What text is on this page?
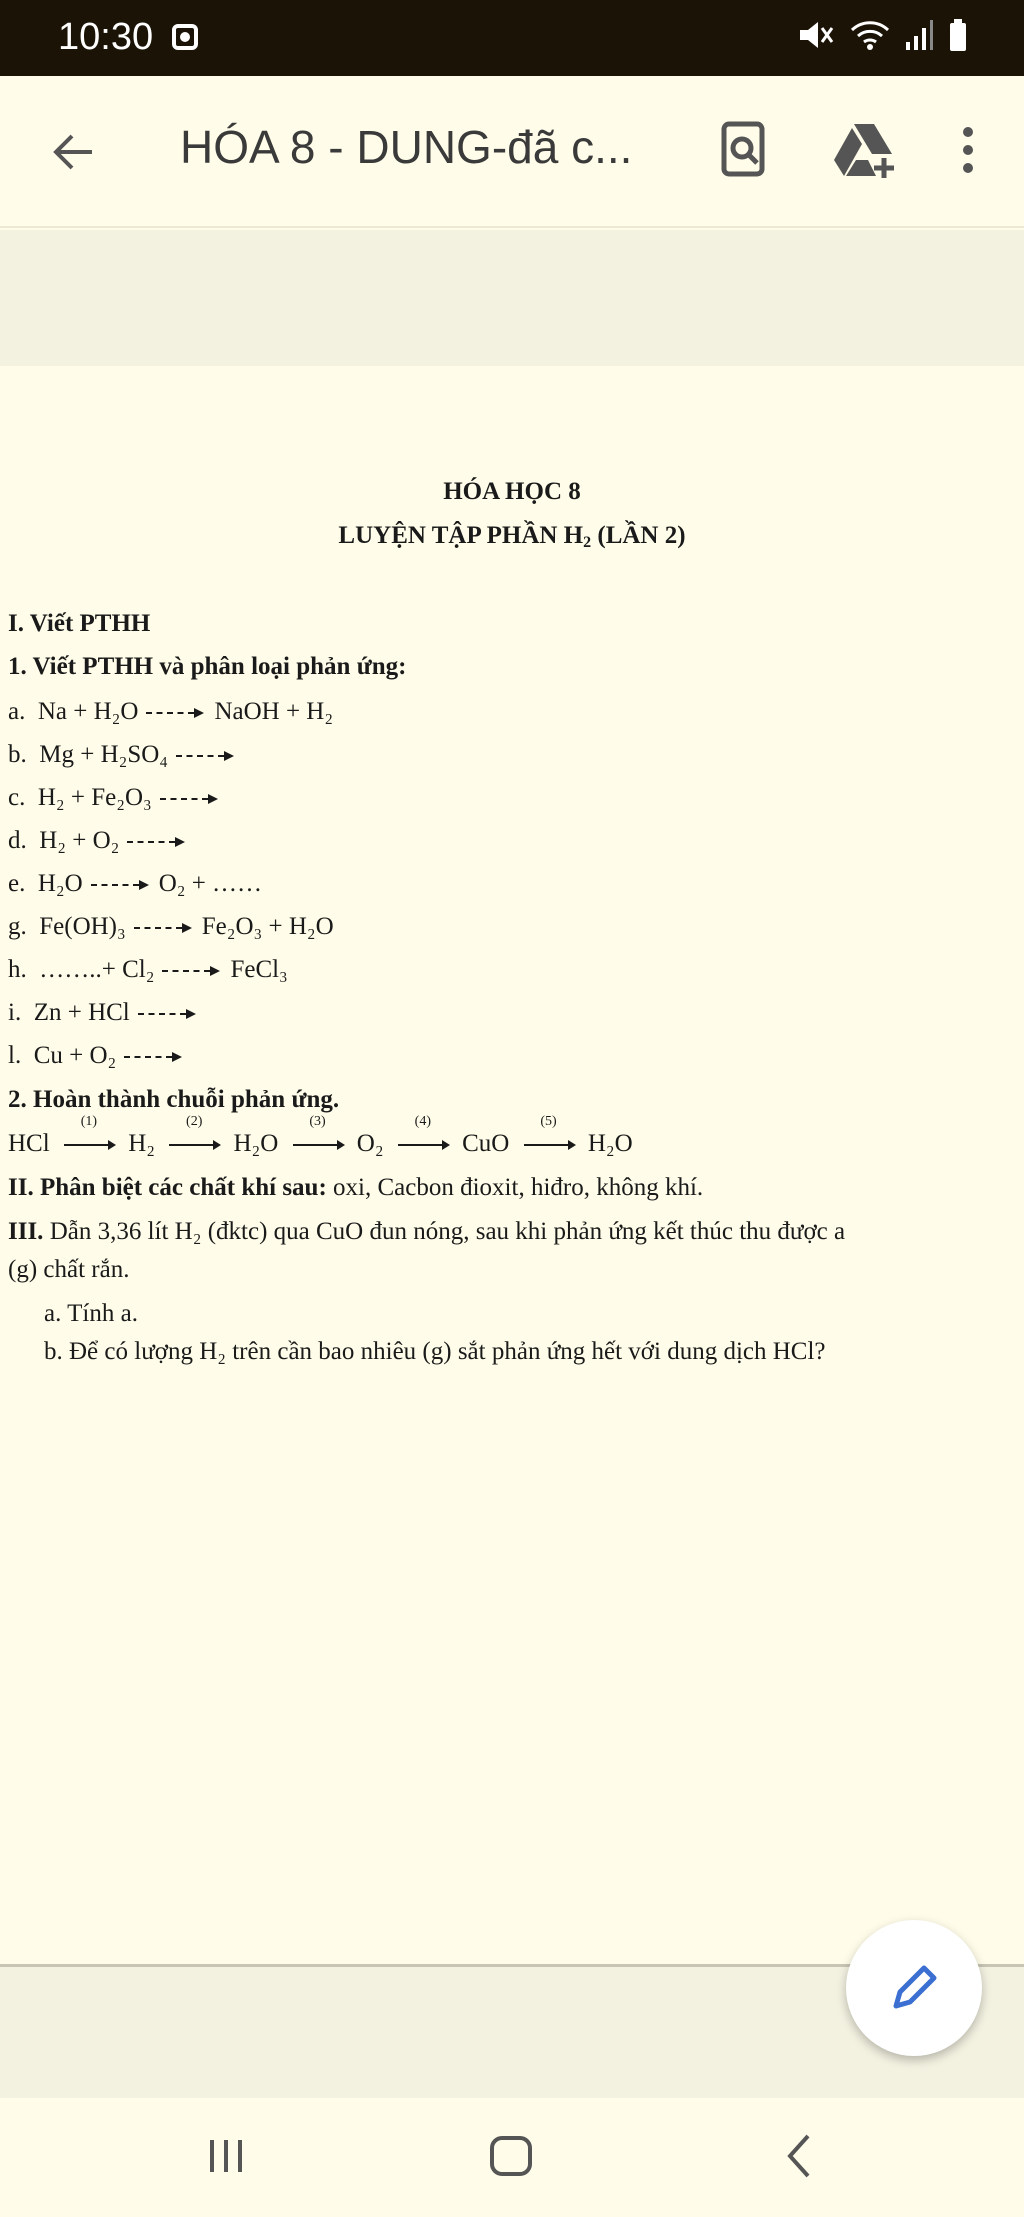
10:30
HÓA 8 - DUNG-đã c...
HÓA HỌC 8
LUYỆN TẬP PHẦN $H_2$ (LẦN 2)
I. Viết PTHH
1. Viết PTHH và phân loại phản ứng:
a. Na + H₂O	NaOH + H₂
b. Mg + H₂SO₄
c. H₂ + Fe₂O₃
d. H₂ + O₂
e. H₂O	O₂ + ……
g. Fe(OH)₃	Fe₂O₃ + H₂O
h. ……..+ Cl₂	FeCl₃
i. Zn + HCl
l. Cu + O₂
2. Hoàn thành chuỗi phản ứng.
HCl
(1)
H₂
(2)
H₂O
(3)
O₂
(4)
CuO
(5)
H₂O
II. Phân biệt các chất khí sau: oxi, Cacbon đioxit, hiđro, không khí.
III. Dẫn 3,36 lít H₂ (đktc) qua CuO đun nóng, sau khi phản ứng kết thúc thu được a
(g) chất rắn.
a. Tính a.
b. Để có lượng H₂ trên cần bao nhiêu (g) sắt phản ứng hết với dung dịch HCl?
